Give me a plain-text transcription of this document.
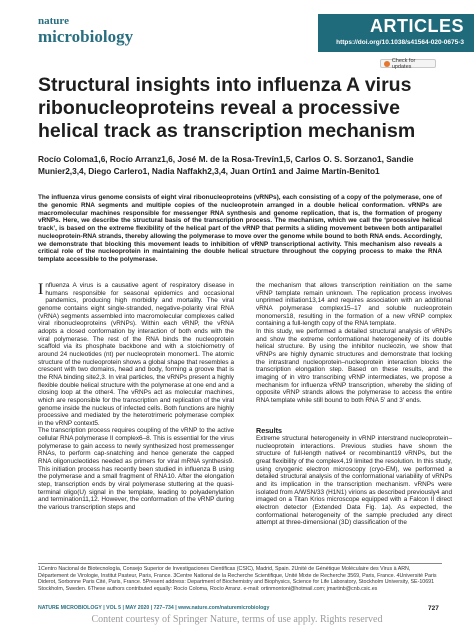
nature
microbiology
ARTICLES
https://doi.org/10.1038/s41564-020-0675-3
Check for updates
Structural insights into influenza A virus ribonucleoproteins reveal a processive helical track as transcription mechanism
Rocío Coloma1,6, Rocío Arranz1,6, José M. de la Rosa-Trevín1,5, Carlos O. S. Sorzano1, Sandie Munier2,3,4, Diego Carlero1, Nadia Naffakh2,3,4, Juan Ortín1 and Jaime Martín-Benito1

The influenza virus genome consists of eight viral ribonucleoproteins (vRNPs), each consisting of a copy of the polymerase, one of the genomic RNA segments and multiple copies of the nucleoprotein arranged in a double helical conformation. vRNPs are macromolecular machines responsible for messenger RNA synthesis and genome replication, that is, the formation of progeny vRNPs. Here, we describe the structural basis of the transcription process. The mechanism, which we call the ‘processive helical track’, is based on the extreme flexibility of the helical part of the vRNP that permits a sliding movement between both antiparallel nucleoprotein-RNA strands, thereby allowing the polymerase to move over the genome while bound to both RNA ends. Accordingly, we demonstrate that blocking this movement leads to inhibition of vRNP transcriptional activity. This mechanism also reveals a critical role of the nucleoprotein in maintaining the double helical structure throughout the copying process to make the RNA template accessible to the polymerase.

Influenza A virus is a causative agent of respiratory disease in humans responsible for seasonal epidemics and occasional pandemics, producing high morbidity and mortality. The viral genome contains eight single-stranded, negative-polarity viral RNA (vRNA) segments assembled into macromolecular complexes called viral ribonucleoproteins (vRNPs). Within each vRNP, the vRNA adopts a closed conformation by interaction of both ends with the viral polymerase. The rest of the RNA binds the nucleoprotein scaffold via its phosphate backbone and with a stoichiometry of around 24 nucleotides (nt) per nucleoprotein monomer1. The atomic structure of the nucleoprotein shows a global shape that resembles a crescent with two domains, head and body, forming a groove that is the RNA binding site2,3. In viral particles, the vRNPs present a highly flexible double helical structure with the polymerase at one end and a closing loop at the other4. The vRNPs act as molecular machines, which are responsible for the transcription and replication of the viral genome inside the nucleus of infected cells. Both functions are highly processive and mediated by the heterotrimeric polymerase complex in the vRNP context5.
The transcription process requires coupling of the vRNP to the active cellular RNA polymerase II complex6–8. This is essential for the virus polymerase to gain access to newly synthesized host premessenger RNAs, to perform cap-snatching and hence generate the capped RNA oligonucleotides needed as primers for viral mRNA synthesis9. This initiation process has recently been studied in influenza B using the polymerase and a small fragment of RNA10. After the elongation step, transcription ends by viral polymerase stuttering at the quasi-terminal oligo(U) signal in the template, leading to polyadenylation and termination11,12. However, the conformation of the vRNP during the various transcription steps and
the mechanism that allows transcription reinitiation on the same vRNP template remain unknown. The replication process involves unprimed initiation13,14 and requires association with an additional vRNA polymerase complex15–17 and soluble nucleoprotein monomers18, resulting in the formation of a new vRNP complex containing a full-length copy of the RNA template.
In this study, we performed a detailed structural analysis of vRNPs and show the extreme conformational heterogeneity of its double helical structure. By using the inhibitor nucleozin, we show that vRNPs are highly dynamic structures and demonstrate that locking the intrastrand nucleoprotein–nucleoprotein interaction blocks the transcription elongation step. Based on these results, and the imaging of in vitro transcribing vRNP intermediates, we propose a mechanism for influenza vRNP transcription, whereby the sliding of opposite vRNP strands allows the polymerase to access the entire RNA template while still bound to both RNA 5′ and 3′ ends.
Results
Extreme structural heterogeneity in vRNP interstrand nucleoprotein–nucleoprotein interactions. Previous studies have shown the structure of full-length native4 or recombinant19 vRNPs, but the great flexibility of the complex4,19 limited the resolution. In this study, using cryogenic electron microscopy (cryo-EM), we performed a detailed structural analysis of the conformational variability of vRNPs and its implication in the transcription mechanism. vRNPs were isolated from A/WSN/33 (H1N1) virions as described previously4 and imaged on a Titan Krios microscope equipped with a Falcon II direct electron detector (Extended Data Fig. 1a). As expected, the conformational heterogeneity of the sample precluded any direct attempt at three-dimensional (3D) classification of the

1Centro Nacional de Biotecnología, Consejo Superior de Investigaciones Científicas (CSIC), Madrid, Spain. 2Unité de Génétique Moléculaire des Virus à ARN, Département de Virologie, Institut Pasteur, Paris, France. 3Centre National de la Recherche Scientifique, Unité Mixte de Recherche 3569, Paris, France. 4Université Paris Diderot, Sorbonne Paris Cité, Paris, France. 5Present address: Department of Biochemistry and Biophysics, Science for Life Laboratory, Stockholm University, SE-10691 Stockholm, Sweden. 6These authors contributed equally: Rocío Coloma, Rocío Arranz. e-mail: ortinmontoni@hotmail.com; jmartinb@cnb.csic.es

NATURE MICROBIOLOGY | VOL 5 | MAY 2020 | 727–734 | www.nature.com/naturemicrobiology	727
Content courtesy of Springer Nature, terms of use apply. Rights reserved
